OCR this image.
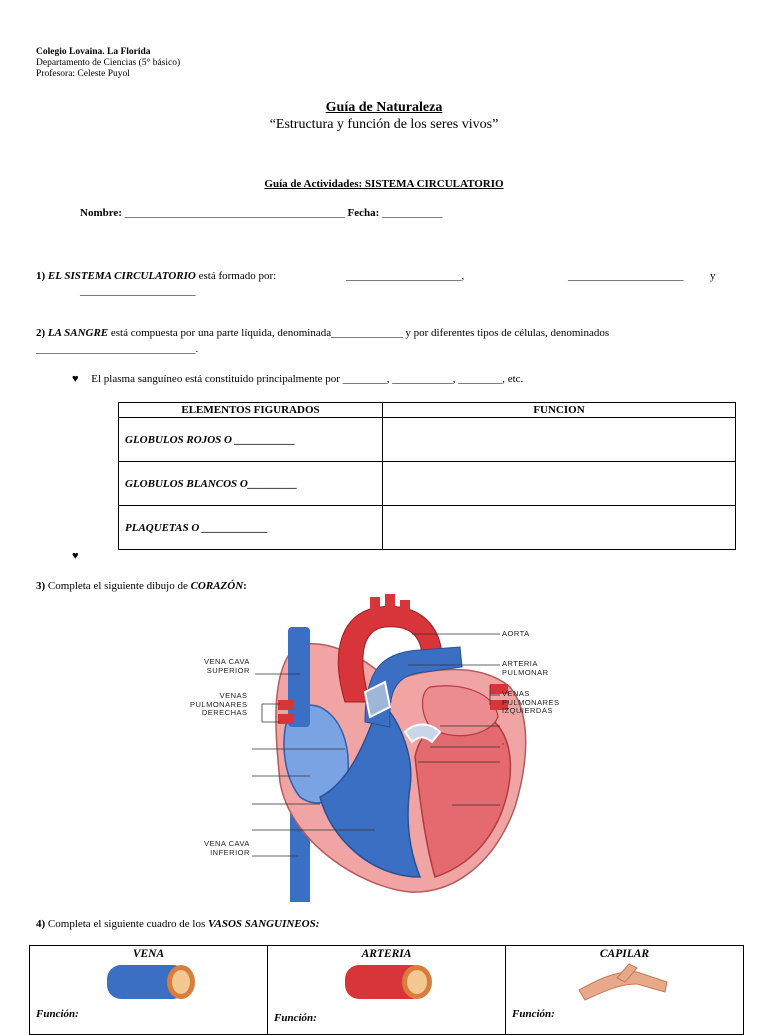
Colegio Lovaina. La Florida
Departamento de Ciencias (5° básico)
Profesora: Celeste Puyol
Guía de Naturaleza
“Estructura y función de los seres vivos”
Guía de Actividades: SISTEMA CIRCULATORIO
Nombre: ________________________________________ Fecha: ___________
1) EL SISTEMA CIRCULATORIO está formado por:	_____________________,	_____________________ y
_____________________
2) LA SANGRE está compuesta por una parte líquida, denominada_____________ y por diferentes tipos de células, denominados
_____________________________.
♥ El plasma sanguíneo está constituido principalmente por ________, ___________, ________, etc.
ELEMENTOS FIGURADOS	FUNCION
GLOBULOS ROJOS O ___________	
GLOBULOS BLANCOS O_________	
PLAQUETAS O ____________	
♥
3) Completa el siguiente dibujo de CORAZÓN:
VENA CAVA
SUPERIOR
VENAS
PULMONARES
DERECHAS
VENA CAVA
INFERIOR
AORTA
ARTERIA
PULMONAR
VENAS
PULMONARES
IZQUIERDAS
,
4) Completa el siguiente cuadro de los VASOS SANGUINEOS:
VENA
Función:

ARTERIA
Función:

CAPILAR
Función:
